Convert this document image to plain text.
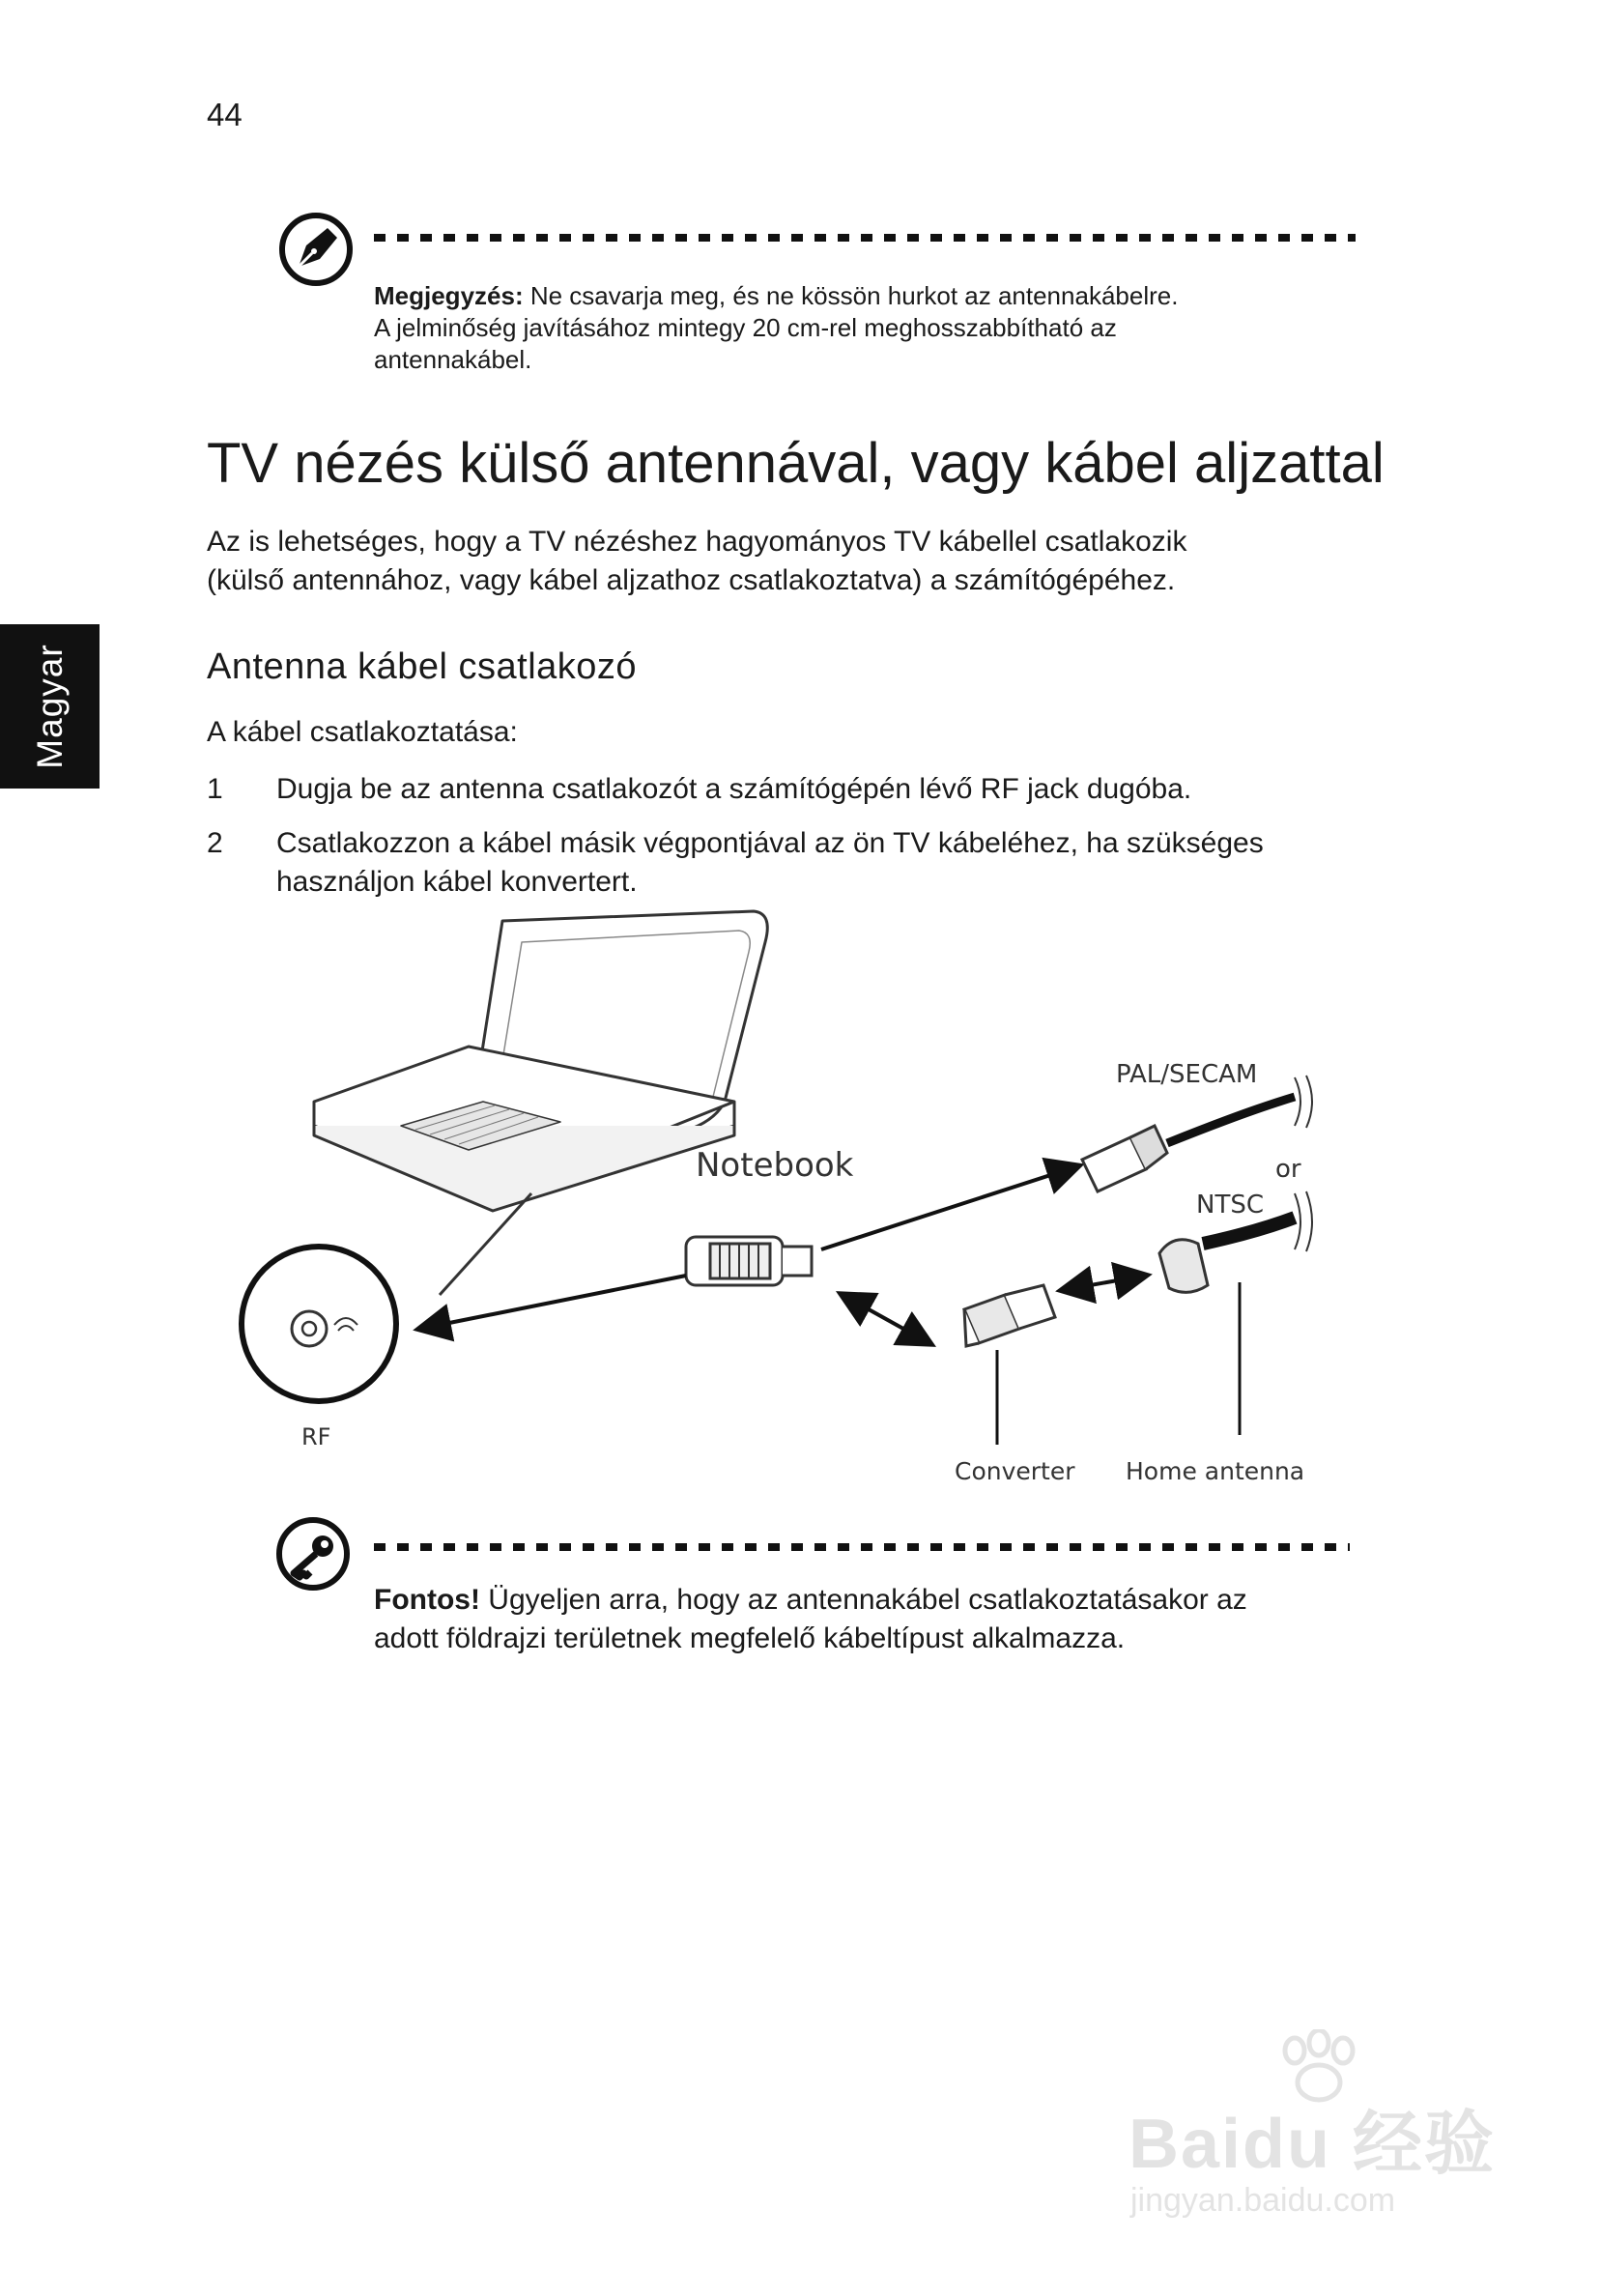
44
Magyar
Megjegyzés: Ne csavarja meg, és ne kössön hurkot az antennakábelre.
A jelminőség javításához mintegy 20 cm-rel meghosszabbítható az
antennakábel.
TV nézés külső antennával, vagy kábel aljzattal
Az is lehetséges, hogy a TV nézéshez hagyományos TV kábellel csatlakozik
(külső antennához, vagy kábel aljzathoz csatlakoztatva) a számítógépéhez.
Antenna kábel csatlakozó
A kábel csatlakoztatása:
1 Dugja be az antenna csatlakozót a számítógépén lévő RF jack dugóba.
2 Csatlakozzon a kábel másik végpontjával az ön TV kábeléhez, ha szükséges
használjon kábel konvertert.
RF
Notebook
PAL/SECAM
or
NTSC
Converter Home antenna
Fontos! Ügyeljen arra, hogy az antennakábel csatlakoztatásakor az
adott földrajzi területnek megfelelő kábeltípust alkalmazza.
Baidu 经验
jingyan.baidu.com
